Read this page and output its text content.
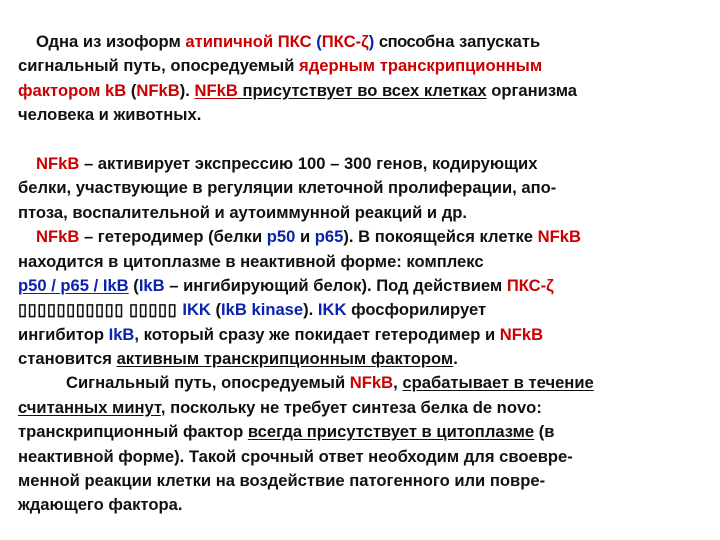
Одна из изоформ атипичной ПКС (ПКС-ζ) способна запускать
сигнальный путь, опосредуемый ядерным транскрипционным
фактором kB (NFkB). NFkB присутствует во всех клетках организма
человека и животных.
NFkB – активирует экспрессию 100 – 300 генов, кодирующих
белки, участвующие в регуляции клеточной пролиферации, апо-
птоза, воспалительной и аутоиммунной реакций и др.
NFkB – гетеродимер (белки p50 и p65). В покоящейся клетке NFkB
находится в цитоплазме в неактивной форме: комплекс
p50 / p65 / IkB (IkB – ингибирующий белок). Под действием ПКС-ζ
▯▯▯▯▯▯▯▯▯▯▯ ▯▯▯▯▯ IKK (IkB kinase). IKK фосфорилирует
ингибитор IkB, который сразу же покидает гетеродимер и NFkB
становится активным транскрипционным фактором.
Сигнальный путь, опосредуемый NFkB, срабатывает в течение
считанных минут, поскольку не требует синтеза белка de novo:
транскрипционный фактор всегда присутствует в цитоплазме (в
неактивной форме). Такой срочный ответ необходим для своевре-
менной реакции клетки на воздействие патогенного или повре-
ждающего фактора.
